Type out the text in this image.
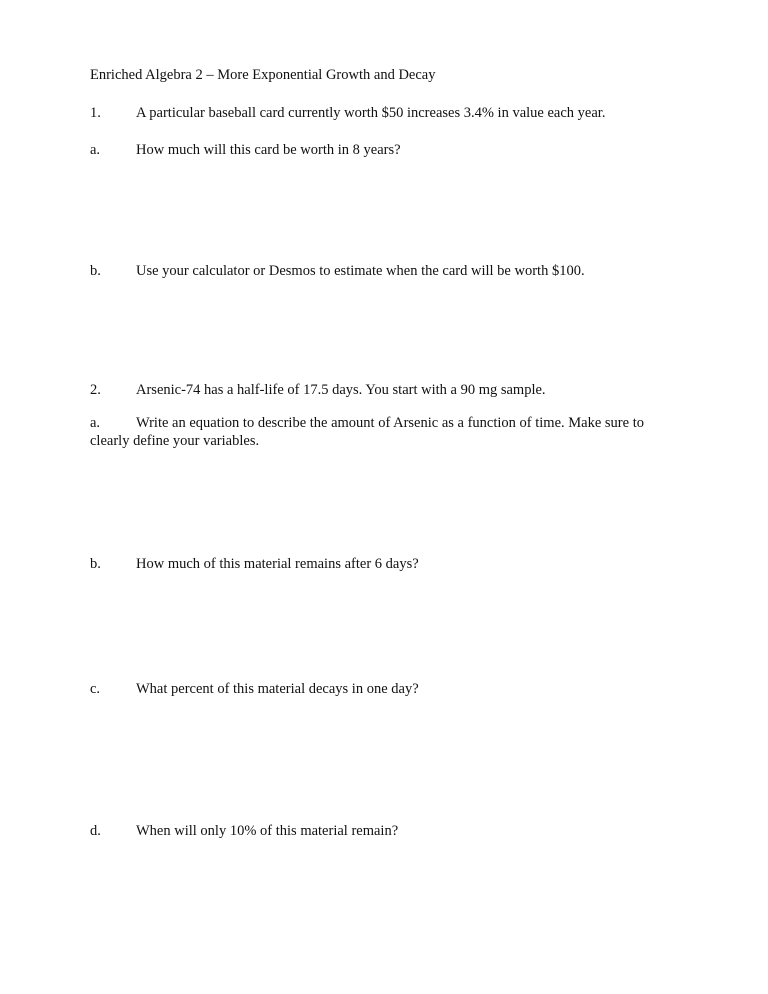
Enriched Algebra 2 – More Exponential Growth and Decay
1. A particular baseball card currently worth $50 increases 3.4% in value each year.
a. How much will this card be worth in 8 years?
b. Use your calculator or Desmos to estimate when the card will be worth $100.
2. Arsenic-74 has a half-life of 17.5 days. You start with a 90 mg sample.
a. Write an equation to describe the amount of Arsenic as a function of time. Make sure to clearly define your variables.
b. How much of this material remains after 6 days?
c. What percent of this material decays in one day?
d. When will only 10% of this material remain?
